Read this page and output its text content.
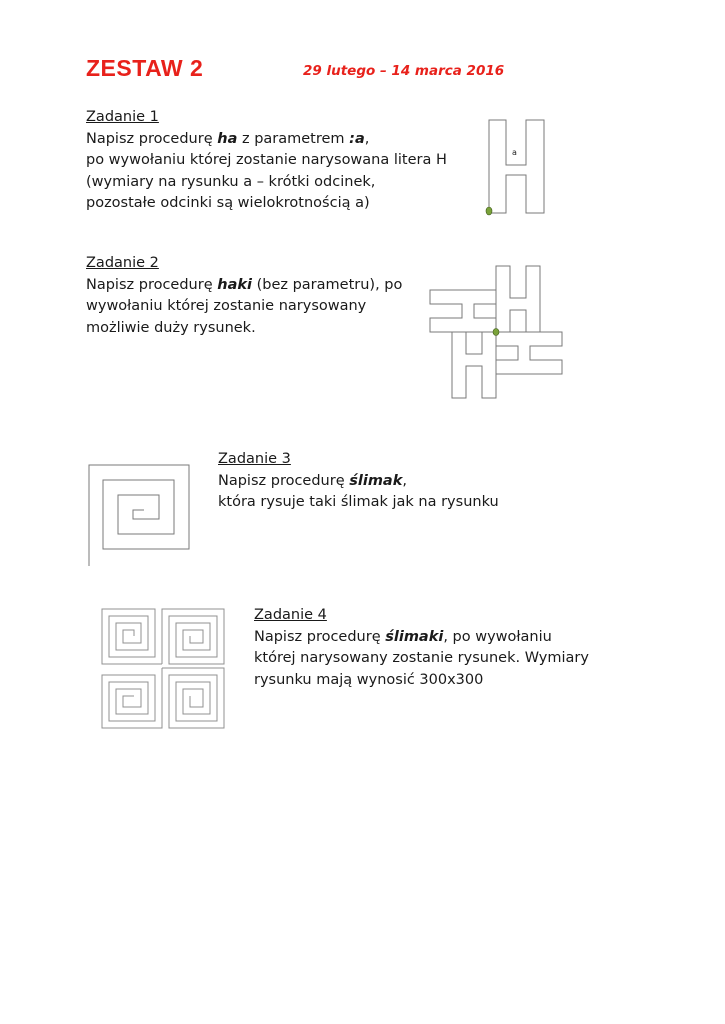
ZESTAW 2	29 lutego – 14 marca 2016

Zadanie 1

Napisz procedurę ha z parametrem :a,

po wywołaniu której zostanie narysowana litera H

(wymiary na rysunku a – krótki odcinek,

pozostałe odcinki są wielokrotnością a)

a

Zadanie 2

Napisz procedurę haki (bez parametru), po

wywołaniu której zostanie narysowany

możliwie duży rysunek.

Zadanie 3

Napisz procedurę ślimak,

która rysuje taki ślimak jak na rysunku

Zadanie 4

Napisz procedurę ślimaki, po wywołaniu

której narysowany zostanie rysunek. Wymiary

rysunku mają wynosić 300x300
